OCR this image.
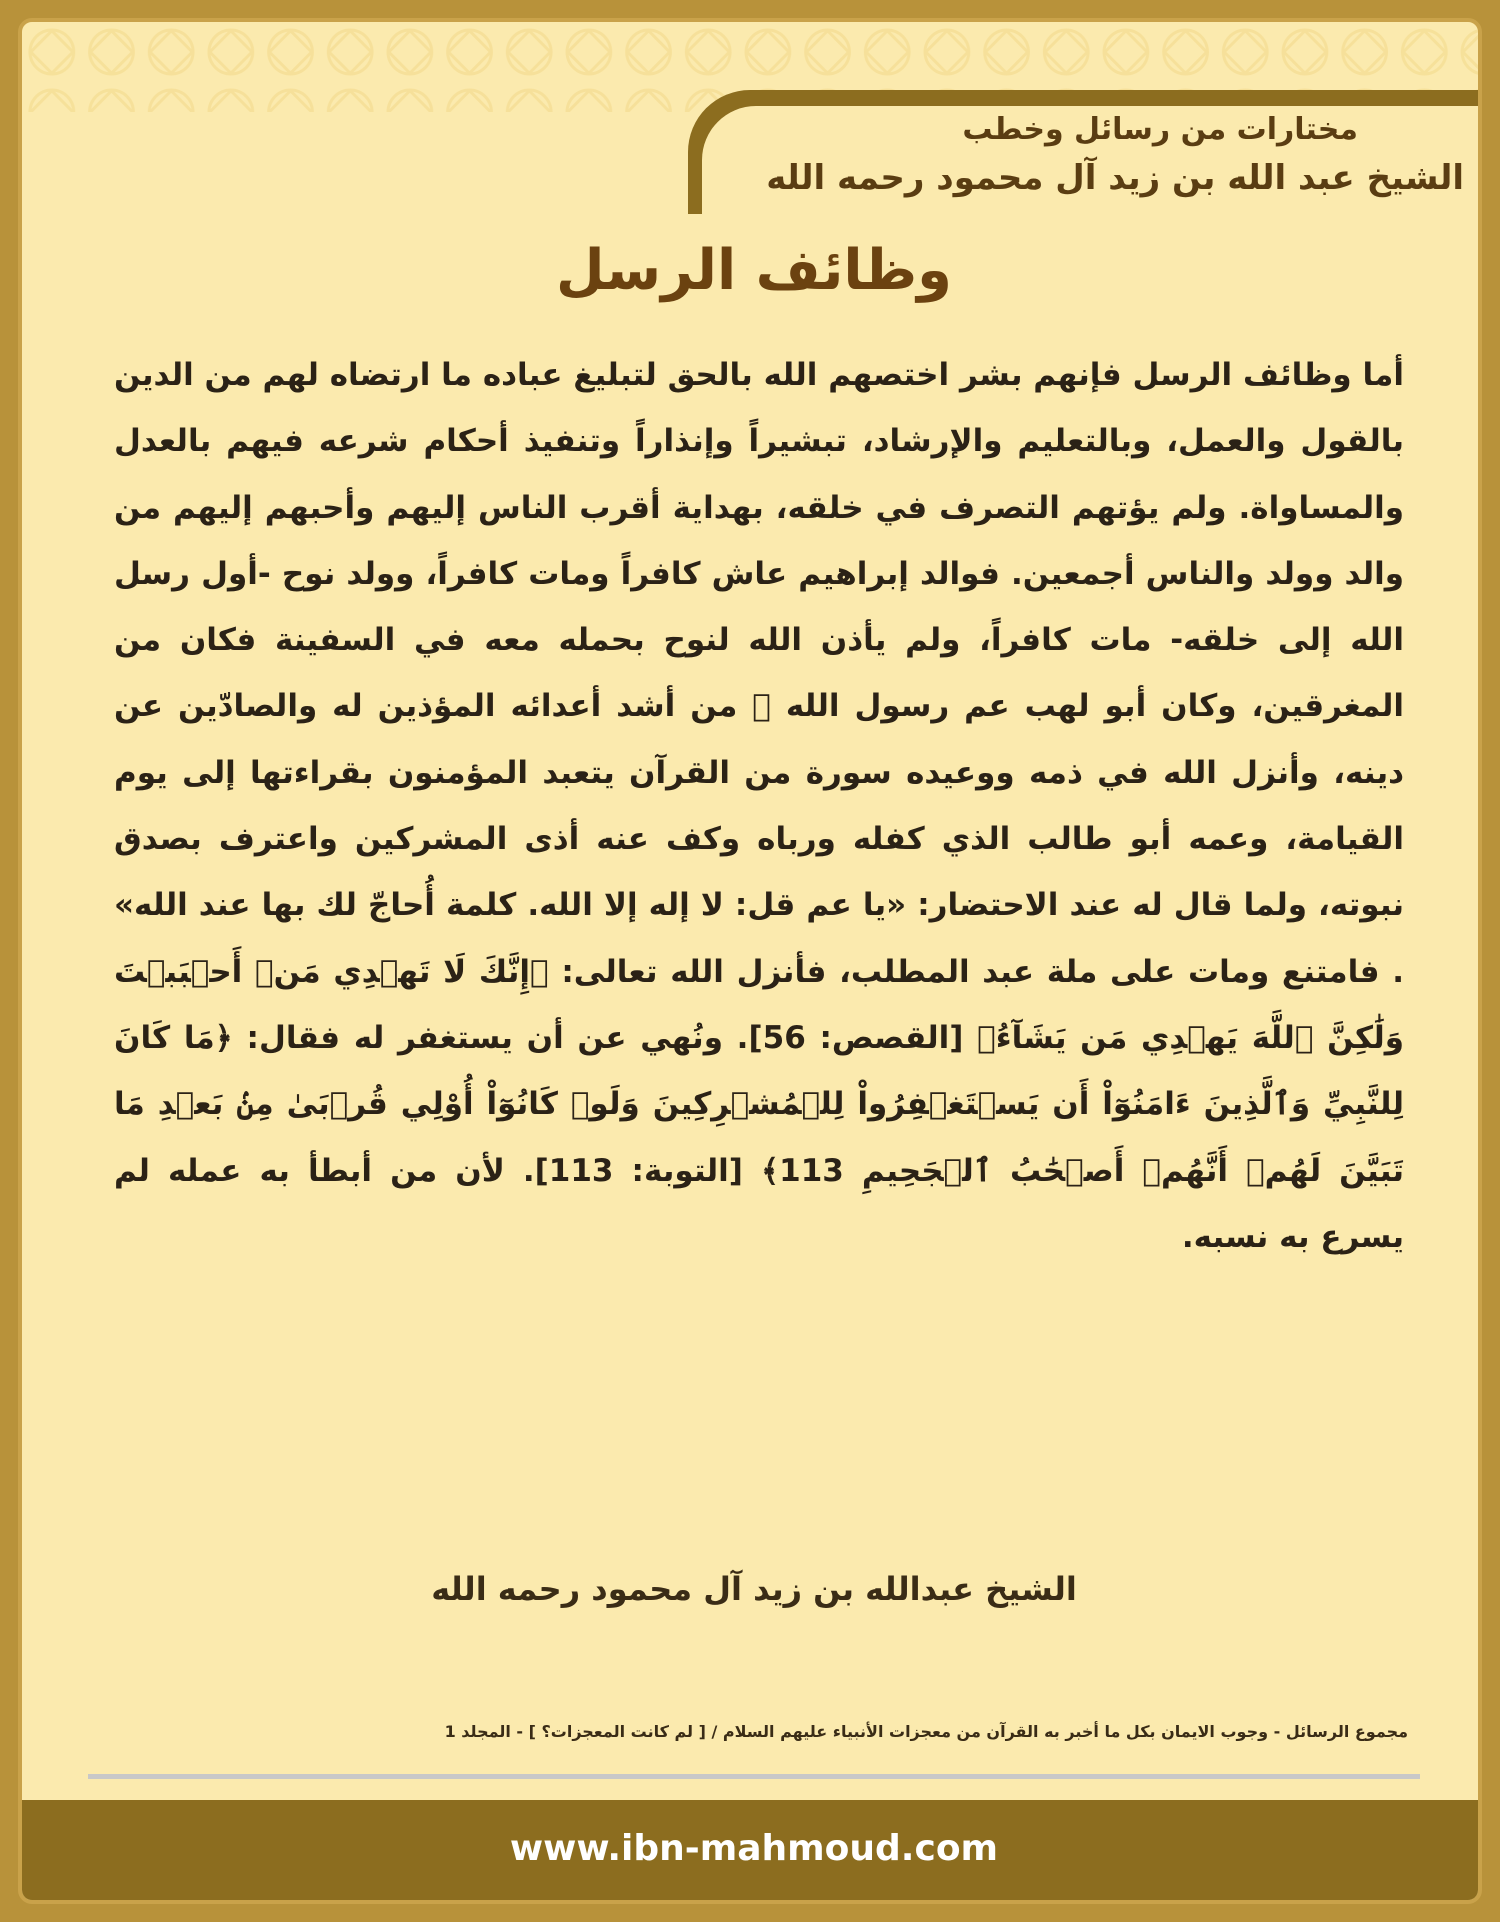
مختارات من رسائل وخطب
الشيخ عبد الله بن زيد آل محمود رحمه الله
وظائف الرسل

أما وظائف الرسل فإنهم بشر اختصهم الله بالحق لتبليغ عباده ما ارتضاه لهم من الدين بالقول والعمل، وبالتعليم والإرشاد، تبشيراً وإنذاراً وتنفيذ أحكام شرعه فيهم بالعدل والمساواة. ولم يؤتهم التصرف في خلقه، بهداية أقرب الناس إليهم وأحبهم إليهم من والد وولد والناس أجمعين. فوالد إبراهيم عاش كافراً ومات كافراً، وولد نوح -أول رسل الله إلى خلقه- مات كافراً، ولم يأذن الله لنوح بحمله معه في السفينة فكان من المغرقين، وكان أبو لهب عم رسول الله ﷺ من أشد أعدائه المؤذين له والصادّين عن دينه، وأنزل الله في ذمه ووعيده سورة من القرآن يتعبد المؤمنون بقراءتها إلى يوم القيامة، وعمه أبو طالب الذي كفله ورباه وكف عنه أذى المشركين واعترف بصدق نبوته، ولما قال له عند الاحتضار: «يا عم قل: لا إله إلا الله. كلمة أُحاجّ لك بها عند الله» . فامتنع ومات على ملة عبد المطلب، فأنزل الله تعالى: ﴿إِنَّكَ لَا تَهۡدِي مَنۡ أَحۡبَبۡتَ وَلَٰكِنَّ ٱللَّهَ يَهۡدِي مَن يَشَآءُ﴾ [القصص: 56]. ونُهي عن أن يستغفر له فقال: ﴿مَا كَانَ لِلنَّبِيِّ وَٱلَّذِينَ ءَامَنُوٓاْ أَن يَسۡتَغۡفِرُواْ لِلۡمُشۡرِكِينَ وَلَوۡ كَانُوٓاْ أُوْلِي قُرۡبَىٰ مِنۢ بَعۡدِ مَا تَبَيَّنَ لَهُمۡ أَنَّهُمۡ أَصۡحَٰبُ ٱلۡجَحِيمِ 113﴾ [التوبة: 113]. لأن من أبطأ به عمله لم يسرع به نسبه.

الشيخ عبدالله بن زيد آل محمود رحمه الله
مجموع الرسائل - وجوب الايمان بكل ما أخبر به القرآن من معجزات الأنبياء عليهم السلام / [ لم كانت المعجزات؟ ] - المجلد 1
www.ibn-mahmoud.com
